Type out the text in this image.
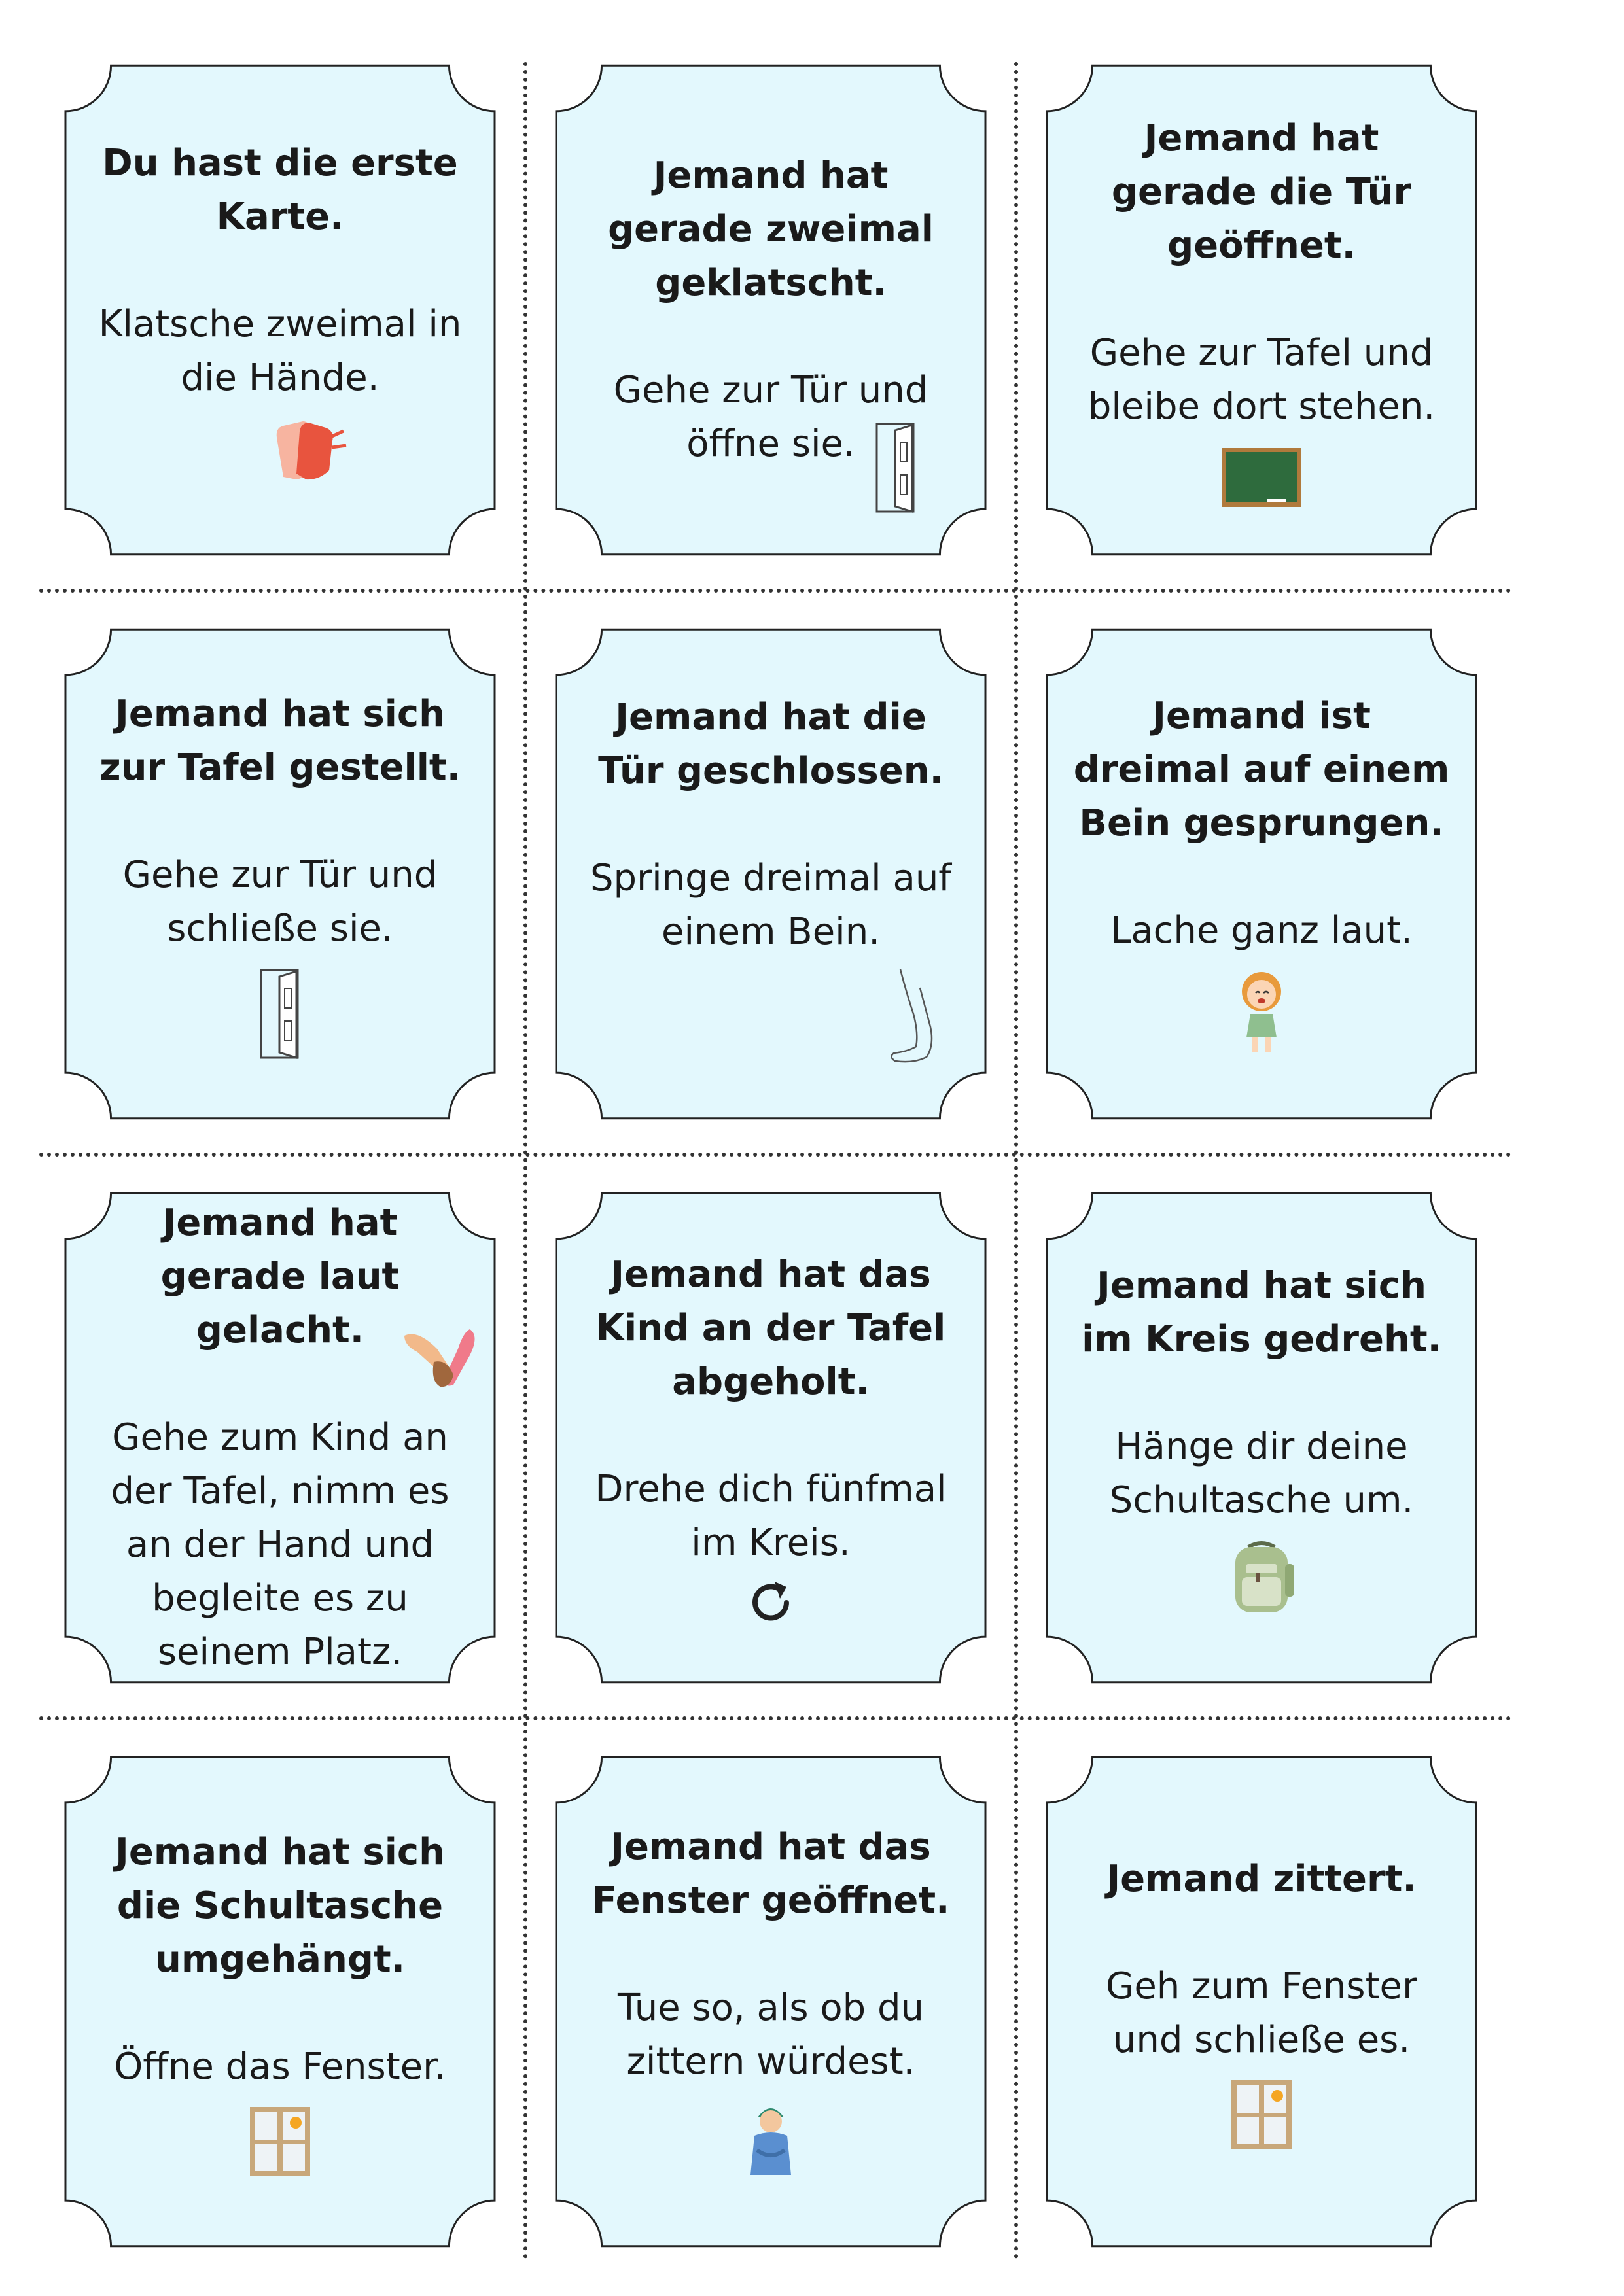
Du hast die erste Karte.

Klatsche zweimal in die Hände.

Jemand hat gerade zweimal geklatscht.

Gehe zur Tür und öffne sie.

Jemand hat gerade die Tür geöffnet.

Gehe zur Tafel und bleibe dort stehen.

Jemand hat sich zur Tafel gestellt.

Gehe zur Tür und schließe sie.

Jemand hat die Tür geschlossen.

Springe dreimal auf einem Bein.

Jemand ist dreimal auf einem Bein gesprungen.

Lache ganz laut.

Jemand hat gerade laut gelacht.

Gehe zum Kind an der Tafel, nimm es an der Hand und begleite es zu seinem Platz.

Jemand hat das Kind an der Tafel abgeholt.

Drehe dich fünfmal im Kreis.

Jemand hat sich im Kreis gedreht.

Hänge dir deine Schultasche um.

Jemand hat sich die Schultasche umgehängt.

Öffne das Fenster.

Jemand hat das Fenster geöffnet.

Tue so, als ob du zittern würdest.

Jemand zittert.

Geh zum Fenster und schließe es.
